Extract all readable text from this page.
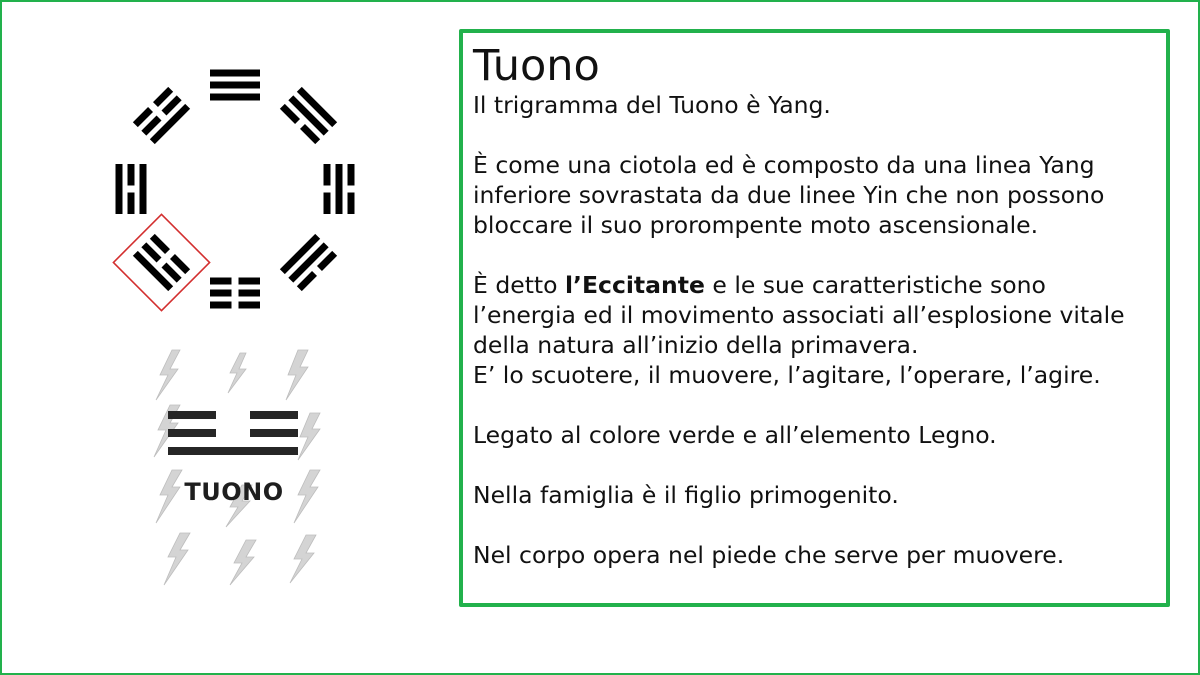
TUONO
Tuono

Il trigramma del Tuono è Yang.

È come una ciotola ed è composto da una linea Yang
inferiore sovrastata da due linee Yin che non possono
bloccare il suo prorompente moto ascensionale.

È detto l’Eccitante e le sue caratteristiche sono
l’energia ed il movimento associati all’esplosione vitale
della natura all’inizio della primavera.
E’ lo scuotere, il muovere, l’agitare, l’operare, l’agire.

Legato al colore verde e all’elemento Legno.

Nella famiglia è il figlio primogenito.

Nel corpo opera nel piede che serve per muovere.
